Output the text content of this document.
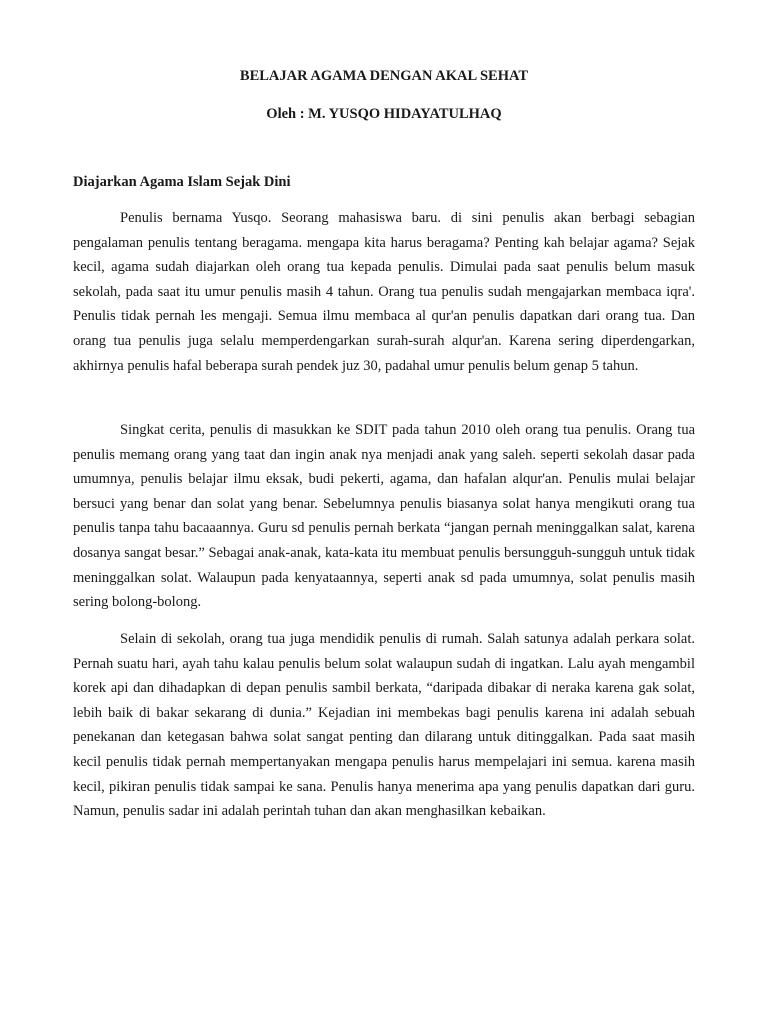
BELAJAR AGAMA DENGAN AKAL SEHAT

Oleh : M. YUSQO HIDAYATULHAQ

Diajarkan Agama Islam Sejak Dini

Penulis bernama Yusqo. Seorang mahasiswa baru. di sini penulis akan berbagi sebagian pengalaman penulis tentang beragama. mengapa kita harus beragama? Penting kah belajar agama? Sejak kecil, agama sudah diajarkan oleh orang tua kepada penulis. Dimulai pada saat penulis belum masuk sekolah, pada saat itu umur penulis masih 4 tahun. Orang tua penulis sudah mengajarkan membaca iqra'. Penulis tidak pernah les mengaji. Semua ilmu membaca al qur'an penulis dapatkan dari orang tua. Dan orang tua penulis juga selalu memperdengarkan surah-surah alqur'an. Karena sering diperdengarkan, akhirnya penulis hafal beberapa surah pendek juz 30, padahal umur penulis belum genap 5 tahun.

Singkat cerita, penulis di masukkan ke SDIT pada tahun 2010 oleh orang tua penulis. Orang tua penulis memang orang yang taat dan ingin anak nya menjadi anak yang saleh. seperti sekolah dasar pada umumnya, penulis belajar ilmu eksak, budi pekerti, agama, dan hafalan alqur'an. Penulis mulai belajar bersuci yang benar dan solat yang benar. Sebelumnya penulis biasanya solat hanya mengikuti orang tua penulis tanpa tahu bacaaannya. Guru sd penulis pernah berkata “jangan pernah meninggalkan salat, karena dosanya sangat besar.” Sebagai anak-anak, kata-kata itu membuat penulis bersungguh-sungguh untuk tidak meninggalkan solat. Walaupun pada kenyataannya, seperti anak sd pada umumnya, solat penulis masih sering bolong-bolong.

Selain di sekolah, orang tua juga mendidik penulis di rumah. Salah satunya adalah perkara solat. Pernah suatu hari, ayah tahu kalau penulis belum solat walaupun sudah di ingatkan. Lalu ayah mengambil korek api dan dihadapkan di depan penulis sambil berkata, “daripada dibakar di neraka karena gak solat, lebih baik di bakar sekarang di dunia.” Kejadian ini membekas bagi penulis karena ini adalah sebuah penekanan dan ketegasan bahwa solat sangat penting dan dilarang untuk ditinggalkan. Pada saat masih kecil penulis tidak pernah mempertanyakan mengapa penulis harus mempelajari ini semua. karena masih kecil, pikiran penulis tidak sampai ke sana. Penulis hanya menerima apa yang penulis dapatkan dari guru. Namun, penulis sadar ini adalah perintah tuhan dan akan menghasilkan kebaikan.
